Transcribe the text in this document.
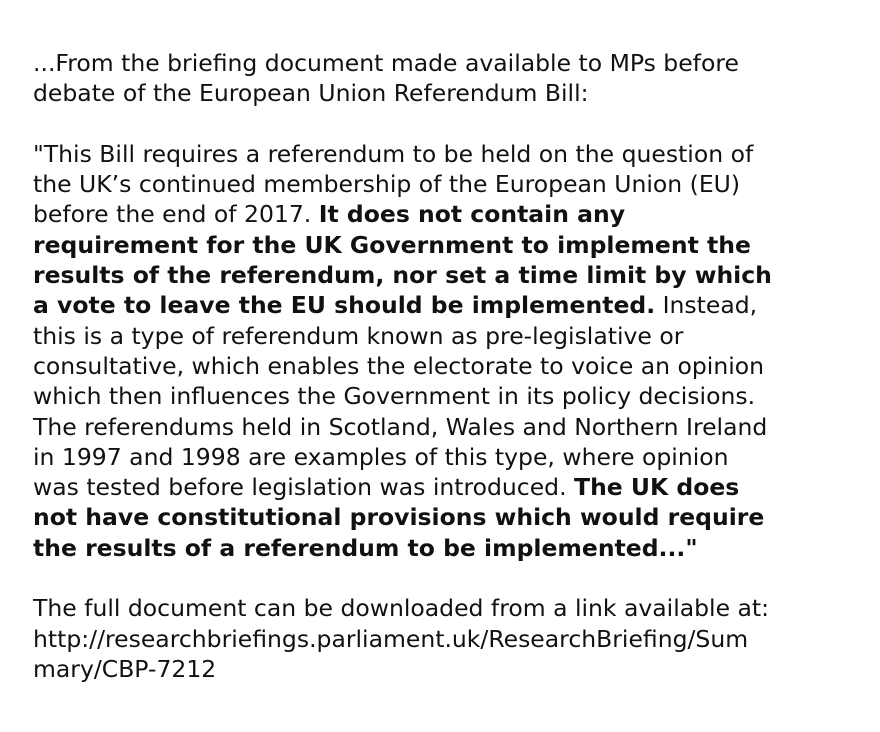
...From the briefing document made available to MPs before
debate of the European Union Referendum Bill:
"This Bill requires a referendum to be held on the question of
the UK’s continued membership of the European Union (EU)
before the end of 2017. It does not contain any
requirement for the UK Government to implement the
results of the referendum, nor set a time limit by which
a vote to leave the EU should be implemented. Instead,
this is a type of referendum known as pre-legislative or
consultative, which enables the electorate to voice an opinion
which then influences the Government in its policy decisions.
The referendums held in Scotland, Wales and Northern Ireland
in 1997 and 1998 are examples of this type, where opinion
was tested before legislation was introduced. The UK does
not have constitutional provisions which would require
the results of a referendum to be implemented..."
The full document can be downloaded from a link available at:
http://researchbriefings.parliament.uk/ResearchBriefing/Sum
mary/CBP-7212
